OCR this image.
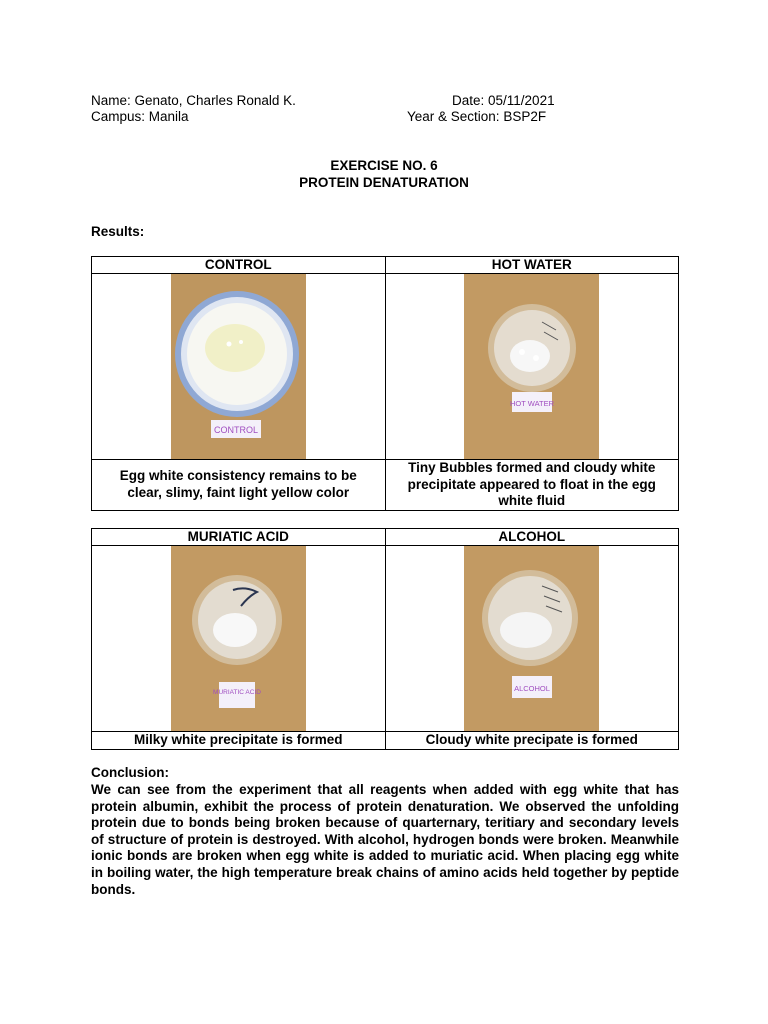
Name: Genato, Charles Ronald K.	Date: 05/11/2021
Campus: Manila	Year & Section: BSP2F
EXERCISE NO. 6
PROTEIN DENATURATION
Results:
CONTROL	HOT WATER

CONTROL	HOT WATER

Egg white consistency remains to be clear, slimy, faint light yellow color	Tiny Bubbles formed and cloudy white precipitate appeared to float in the egg white fluid
MURIATIC ACID	ALCOHOL

MURIATIC ACID	ALCOHOL

Milky white precipitate is formed	Cloudy white precipate is formed
Conclusion:
We can see from the experiment that all reagents when added with egg white that has protein albumin, exhibit the process of protein denaturation. We observed the unfolding protein due to bonds being broken because of quarternary, teritiary and secondary levels of structure of protein is destroyed. With alcohol, hydrogen bonds were broken. Meanwhile ionic bonds are broken when egg white is added to muriatic acid. When placing egg white in boiling water, the high temperature break chains of amino acids held together by peptide bonds.
